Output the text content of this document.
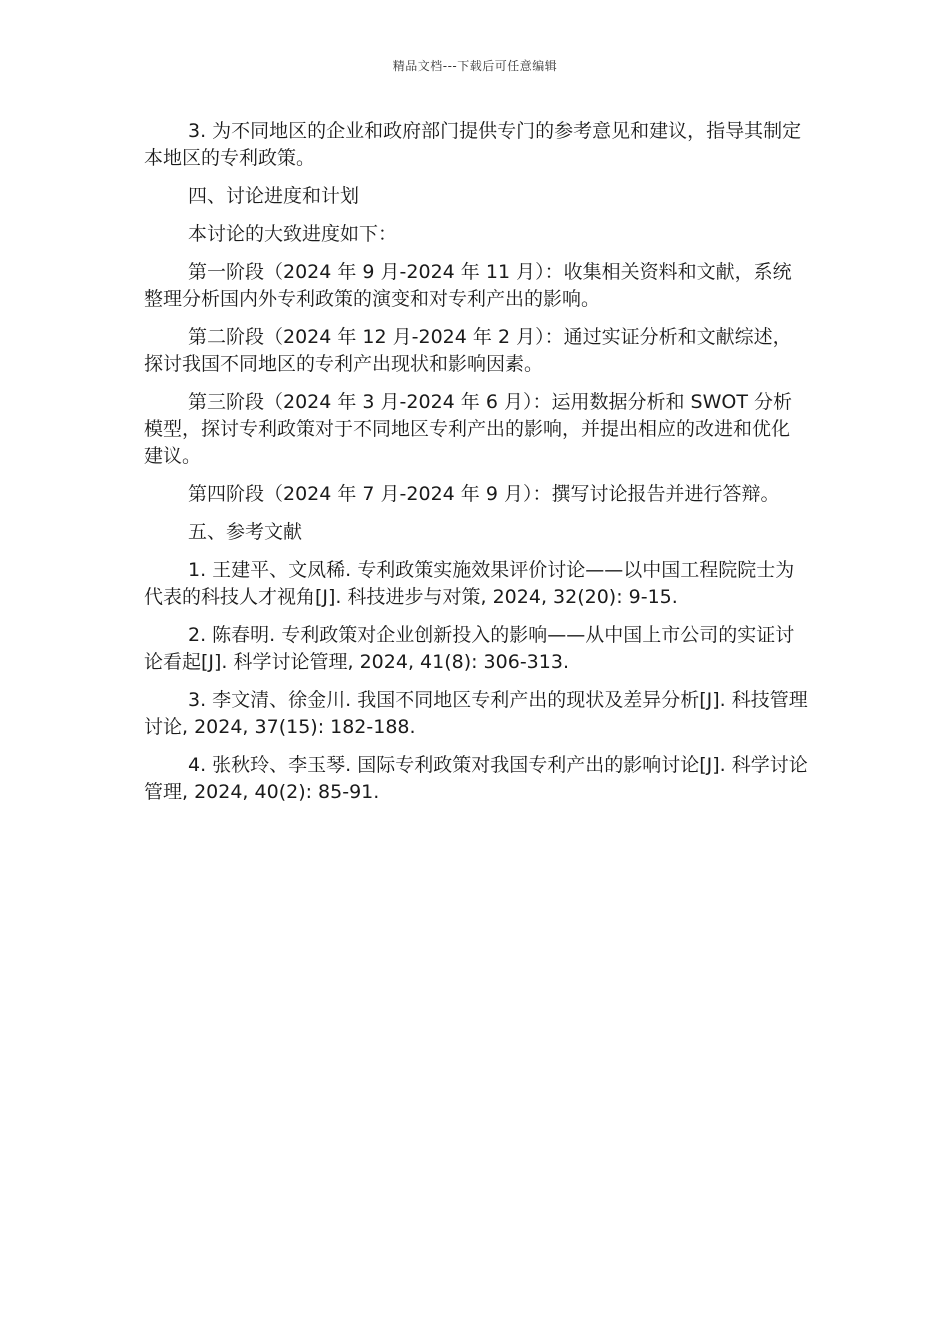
精品文档---下载后可任意编辑

3. 为不同地区的企业和政府部门提供专门的参考意见和建议，指导其制定本地区的专利政策。

四、讨论进度和计划

本讨论的大致进度如下：

第一阶段（2024 年 9 月-2024 年 11 月）：收集相关资料和文献，系统整理分析国内外专利政策的演变和对专利产出的影响。

第二阶段（2024 年 12 月-2024 年 2 月）：通过实证分析和文献综述，探讨我国不同地区的专利产出现状和影响因素。

第三阶段（2024 年 3 月-2024 年 6 月）：运用数据分析和 SWOT 分析模型，探讨专利政策对于不同地区专利产出的影响，并提出相应的改进和优化建议。

第四阶段（2024 年 7 月-2024 年 9 月）：撰写讨论报告并进行答辩。

五、参考文献

1. 王建平、文凤稀. 专利政策实施效果评价讨论——以中国工程院院士为代表的科技人才视角[J]. 科技进步与对策, 2024, 32(20): 9-15.

2. 陈春明. 专利政策对企业创新投入的影响——从中国上市公司的实证讨论看起[J]. 科学讨论管理, 2024, 41(8): 306-313.

3. 李文清、徐金川. 我国不同地区专利产出的现状及差异分析[J]. 科技管理讨论, 2024, 37(15): 182-188.

4. 张秋玲、李玉琴. 国际专利政策对我国专利产出的影响讨论[J]. 科学讨论管理, 2024, 40(2): 85-91.
